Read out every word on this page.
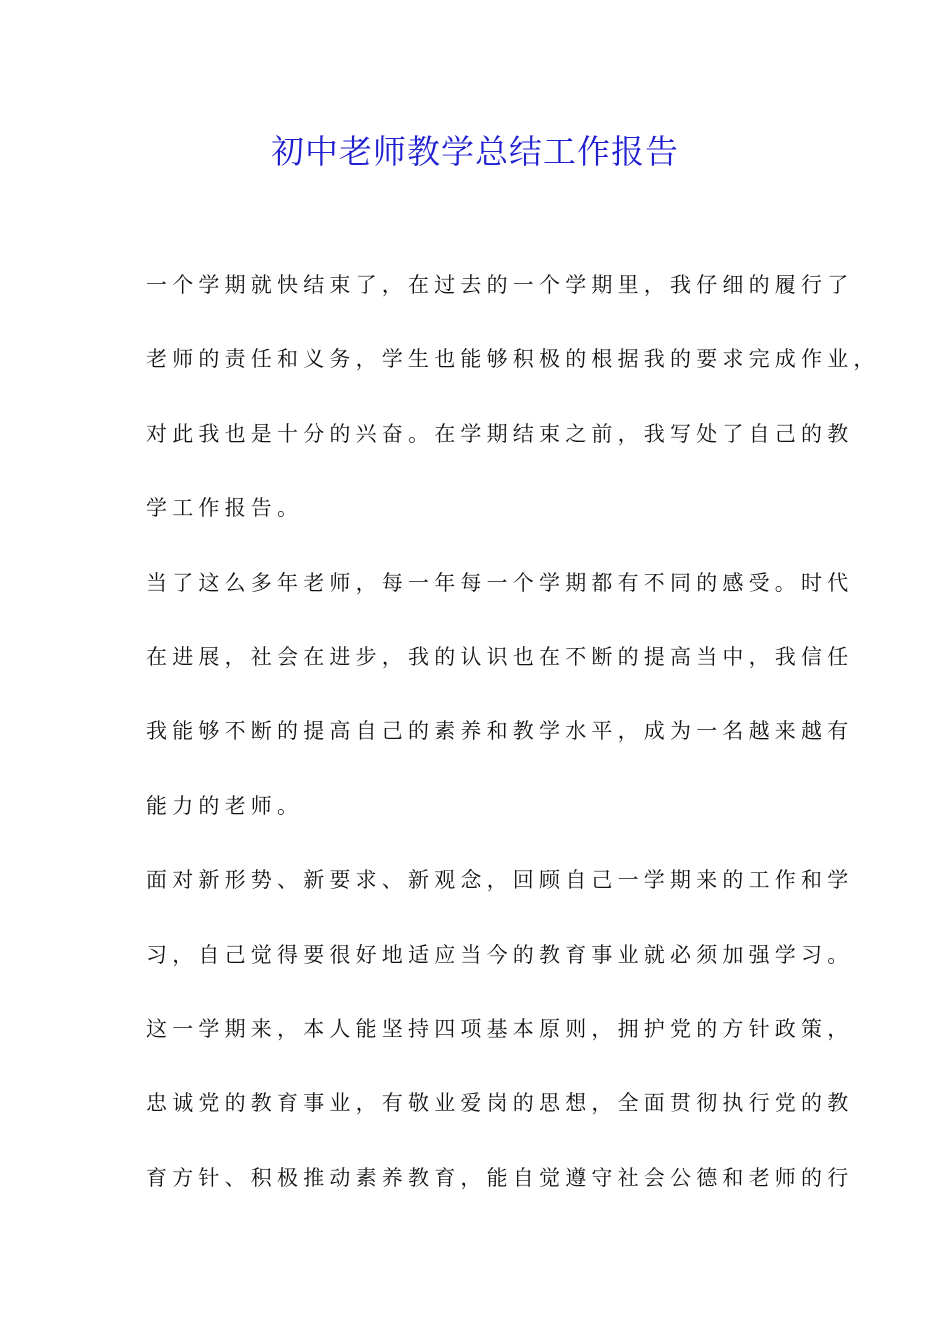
初中老师教学总结工作报告
一个学期就快结束了，在过去的一个学期里，我仔细的履行了
老师的责任和义务，学生也能够积极的根据我的要求完成作业，
对此我也是十分的兴奋。在学期结束之前，我写处了自己的教
学工作报告。
当了这么多年老师，每一年每一个学期都有不同的感受。时代
在进展，社会在进步，我的认识也在不断的提高当中，我信任
我能够不断的提高自己的素养和教学水平，成为一名越来越有
能力的老师。
面对新形势、新要求、新观念，回顾自己一学期来的工作和学
习，自己觉得要很好地适应当今的教育事业就必须加强学习。
这一学期来，本人能坚持四项基本原则，拥护党的方针政策，
忠诚党的教育事业，有敬业爱岗的思想，全面贯彻执行党的教
育方针、积极推动素养教育，能自觉遵守社会公德和老师的行
